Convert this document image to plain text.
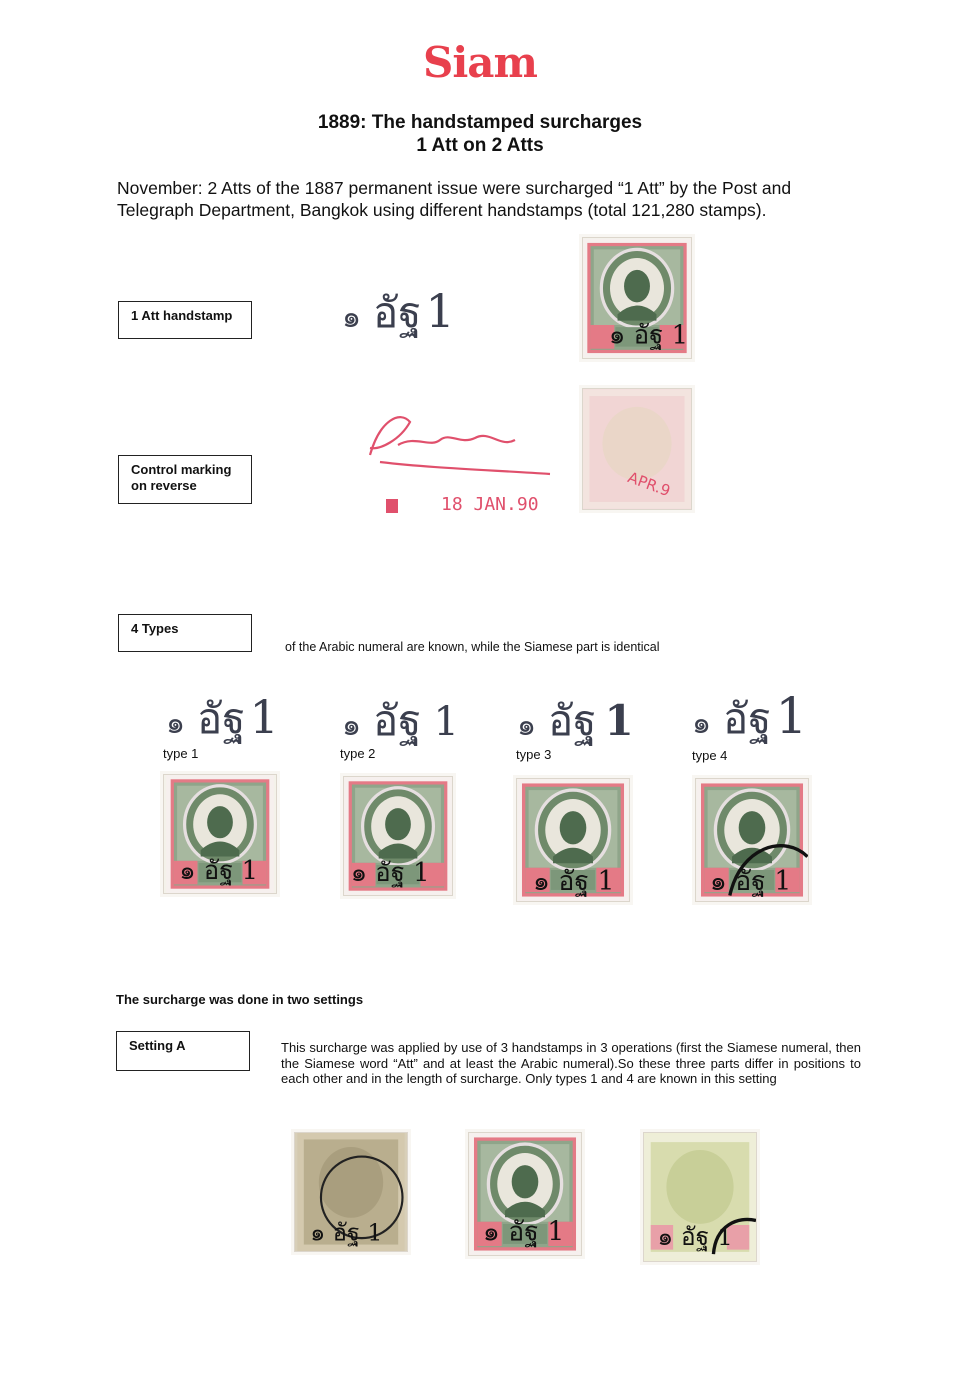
Siam
1889: The handstamped surcharges
1 Att on 2 Atts
November: 2 Atts of the 1887 permanent issue were surcharged “1 Att” by the Post and Telegraph Department, Bangkok using different handstamps (total 121,280 stamps).
1 Att handstamp	๑ อัฐ1	๑ อัฐ 1
Control marking
on reverse
18 JAN.90
APR.9
4 Types
of the Arabic numeral are known, while the Siamese part is identical
๑ อัฐ1
type 1
๑ อัฐ 1
๑ อัฐ 1
type 2
๑ อัฐ 1
๑ อัฐ 1
type 3
๑ อัฐ 1
๑ อัฐ1
type 4
๑ อัฐ 1
The surcharge was done in two settings
Setting A	This surcharge was applied by use of 3 handstamps in 3 operations (first the Siamese numeral, then the Siamese word “Att” and at least the Arabic numeral).So these three parts differ in positions to each other and in the length of surcharge. Only types 1 and 4 are known in this setting
๑ อัฐ 1	๑ อัฐ 1	๑ อัฐ 1
